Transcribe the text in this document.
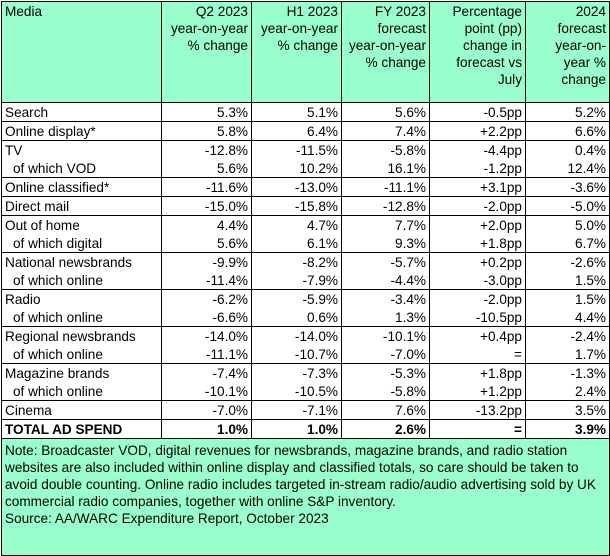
Media	Q2 2023 year-on-year % change	H1 2023 year-on-year % change	FY 2023 forecast year-on-year % change	Percentage point (pp) change in forecast vs July	2024 forecast year-on-year % change
Search	5.3%	5.1%	5.6%	-0.5pp	5.2%
Online display*	5.8%	6.4%	7.4%	+2.2pp	6.6%
TV	-12.8%	-11.5%	-5.8%	-4.4pp	0.4%
of which VOD	5.6%	10.2%	16.1%	-1.2pp	12.4%
Online classified*	-11.6%	-13.0%	-11.1%	+3.1pp	-3.6%
Direct mail	-15.0%	-15.8%	-12.8%	-2.0pp	-5.0%
Out of home	4.4%	4.7%	7.7%	+2.0pp	5.0%
of which digital	5.6%	6.1%	9.3%	+1.8pp	6.7%
National newsbrands	-9.9%	-8.2%	-5.7%	+0.2pp	-2.6%
of which online	-11.4%	-7.9%	-4.4%	-3.0pp	1.5%
Radio	-6.2%	-5.9%	-3.4%	-2.0pp	1.5%
of which online	-6.6%	0.6%	1.3%	-10.5pp	4.4%
Regional newsbrands	-14.0%	-14.0%	-10.1%	+0.4pp	-2.4%
of which online	-11.1%	-10.7%	-7.0%	=	1.7%
Magazine brands	-7.4%	-7.3%	-5.3%	+1.8pp	-1.3%
of which online	-10.1%	-10.5%	-5.8%	+1.2pp	2.4%
Cinema	-7.0%	-7.1%	7.6%	-13.2pp	3.5%
TOTAL AD SPEND	1.0%	1.0%	2.6%	=	3.9%

Note: Broadcaster VOD, digital revenues for newsbrands, magazine brands, and radio station websites are also included within online display and classified totals, so care should be taken to avoid double counting. Online radio includes targeted in-stream radio/audio advertising sold by UK commercial radio companies, together with online S&P inventory.
Source: AA/WARC Expenditure Report, October 2023					
